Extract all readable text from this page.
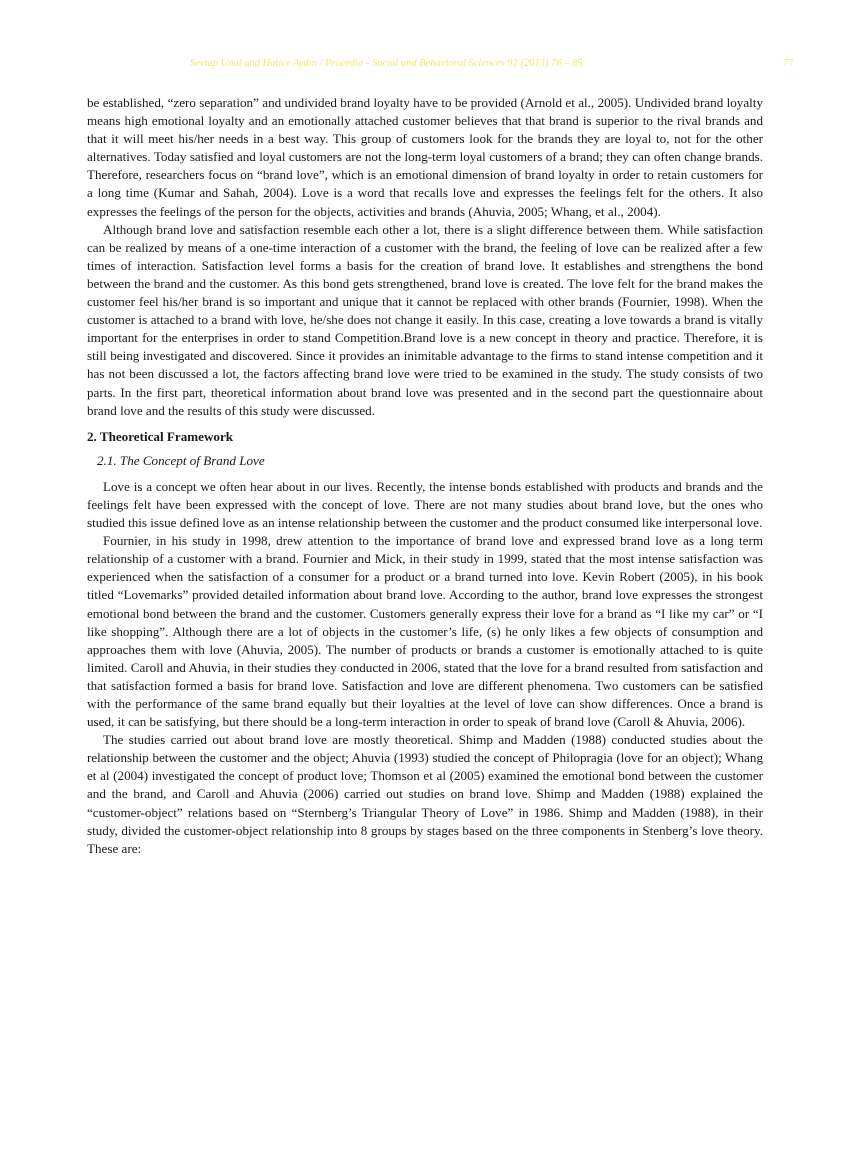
Sevtap Unal and Hatice Aydın / Procedia - Social and Behavioral Sciences 92 (2013) 76 – 85	77

be established, “zero separation” and undivided brand loyalty have to be provided (Arnold et al., 2005). Undivided brand loyalty means high emotional loyalty and an emotionally attached customer believes that that brand is superior to the rival brands and that it will meet his/her needs in a best way. This group of customers look for the brands they are loyal to, not for the other alternatives. Today satisfied and loyal customers are not the long-term loyal customers of a brand; they can often change brands. Therefore, researchers focus on “brand love”, which is an emotional dimension of brand loyalty in order to retain customers for a long time (Kumar and Sahah, 2004). Love is a word that recalls love and expresses the feelings felt for the others. It also expresses the feelings of the person for the objects, activities and brands (Ahuvia, 2005; Whang, et al., 2004).

Although brand love and satisfaction resemble each other a lot, there is a slight difference between them. While satisfaction can be realized by means of a one-time interaction of a customer with the brand, the feeling of love can be realized after a few times of interaction. Satisfaction level forms a basis for the creation of brand love. It establishes and strengthens the bond between the brand and the customer. As this bond gets strengthened, brand love is created. The love felt for the brand makes the customer feel his/her brand is so important and unique that it cannot be replaced with other brands (Fournier, 1998). When the customer is attached to a brand with love, he/she does not change it easily. In this case, creating a love towards a brand is vitally important for the enterprises in order to stand Competition.Brand love is a new concept in theory and practice. Therefore, it is still being investigated and discovered. Since it provides an inimitable advantage to the firms to stand intense competition and it has not been discussed a lot, the factors affecting brand love were tried to be examined in the study. The study consists of two parts. In the first part, theoretical information about brand love was presented and in the second part the questionnaire about brand love and the results of this study were discussed.

2. Theoretical Framework
2.1. The Concept of Brand Love

Love is a concept we often hear about in our lives. Recently, the intense bonds established with products and brands and the feelings felt have been expressed with the concept of love. There are not many studies about brand love, but the ones who studied this issue defined love as an intense relationship between the customer and the product consumed like interpersonal love.

Fournier, in his study in 1998, drew attention to the importance of brand love and expressed brand love as a long term relationship of a customer with a brand. Fournier and Mick, in their study in 1999, stated that the most intense satisfaction was experienced when the satisfaction of a consumer for a product or a brand turned into love. Kevin Robert (2005), in his book titled “Lovemarks” provided detailed information about brand love. According to the author, brand love expresses the strongest emotional bond between the brand and the customer. Customers generally express their love for a brand as “I like my car” or “I like shopping”. Although there are a lot of objects in the customer’s life, (s) he only likes a few objects of consumption and approaches them with love (Ahuvia, 2005). The number of products or brands a customer is emotionally attached to is quite limited. Caroll and Ahuvia, in their studies they conducted in 2006, stated that the love for a brand resulted from satisfaction and that satisfaction formed a basis for brand love. Satisfaction and love are different phenomena. Two customers can be satisfied with the performance of the same brand equally but their loyalties at the level of love can show differences. Once a brand is used, it can be satisfying, but there should be a long-term interaction in order to speak of brand love (Caroll & Ahuvia, 2006).

The studies carried out about brand love are mostly theoretical. Shimp and Madden (1988) conducted studies about the relationship between the customer and the object; Ahuvia (1993) studied the concept of Philopragia (love for an object); Whang et al (2004) investigated the concept of product love; Thomson et al (2005) examined the emotional bond between the customer and the brand, and Caroll and Ahuvia (2006) carried out studies on brand love. Shimp and Madden (1988) explained the “customer-object” relations based on “Sternberg’s Triangular Theory of Love” in 1986. Shimp and Madden (1988), in their study, divided the customer-object relationship into 8 groups by stages based on the three components in Stenberg’s love theory. These are:
